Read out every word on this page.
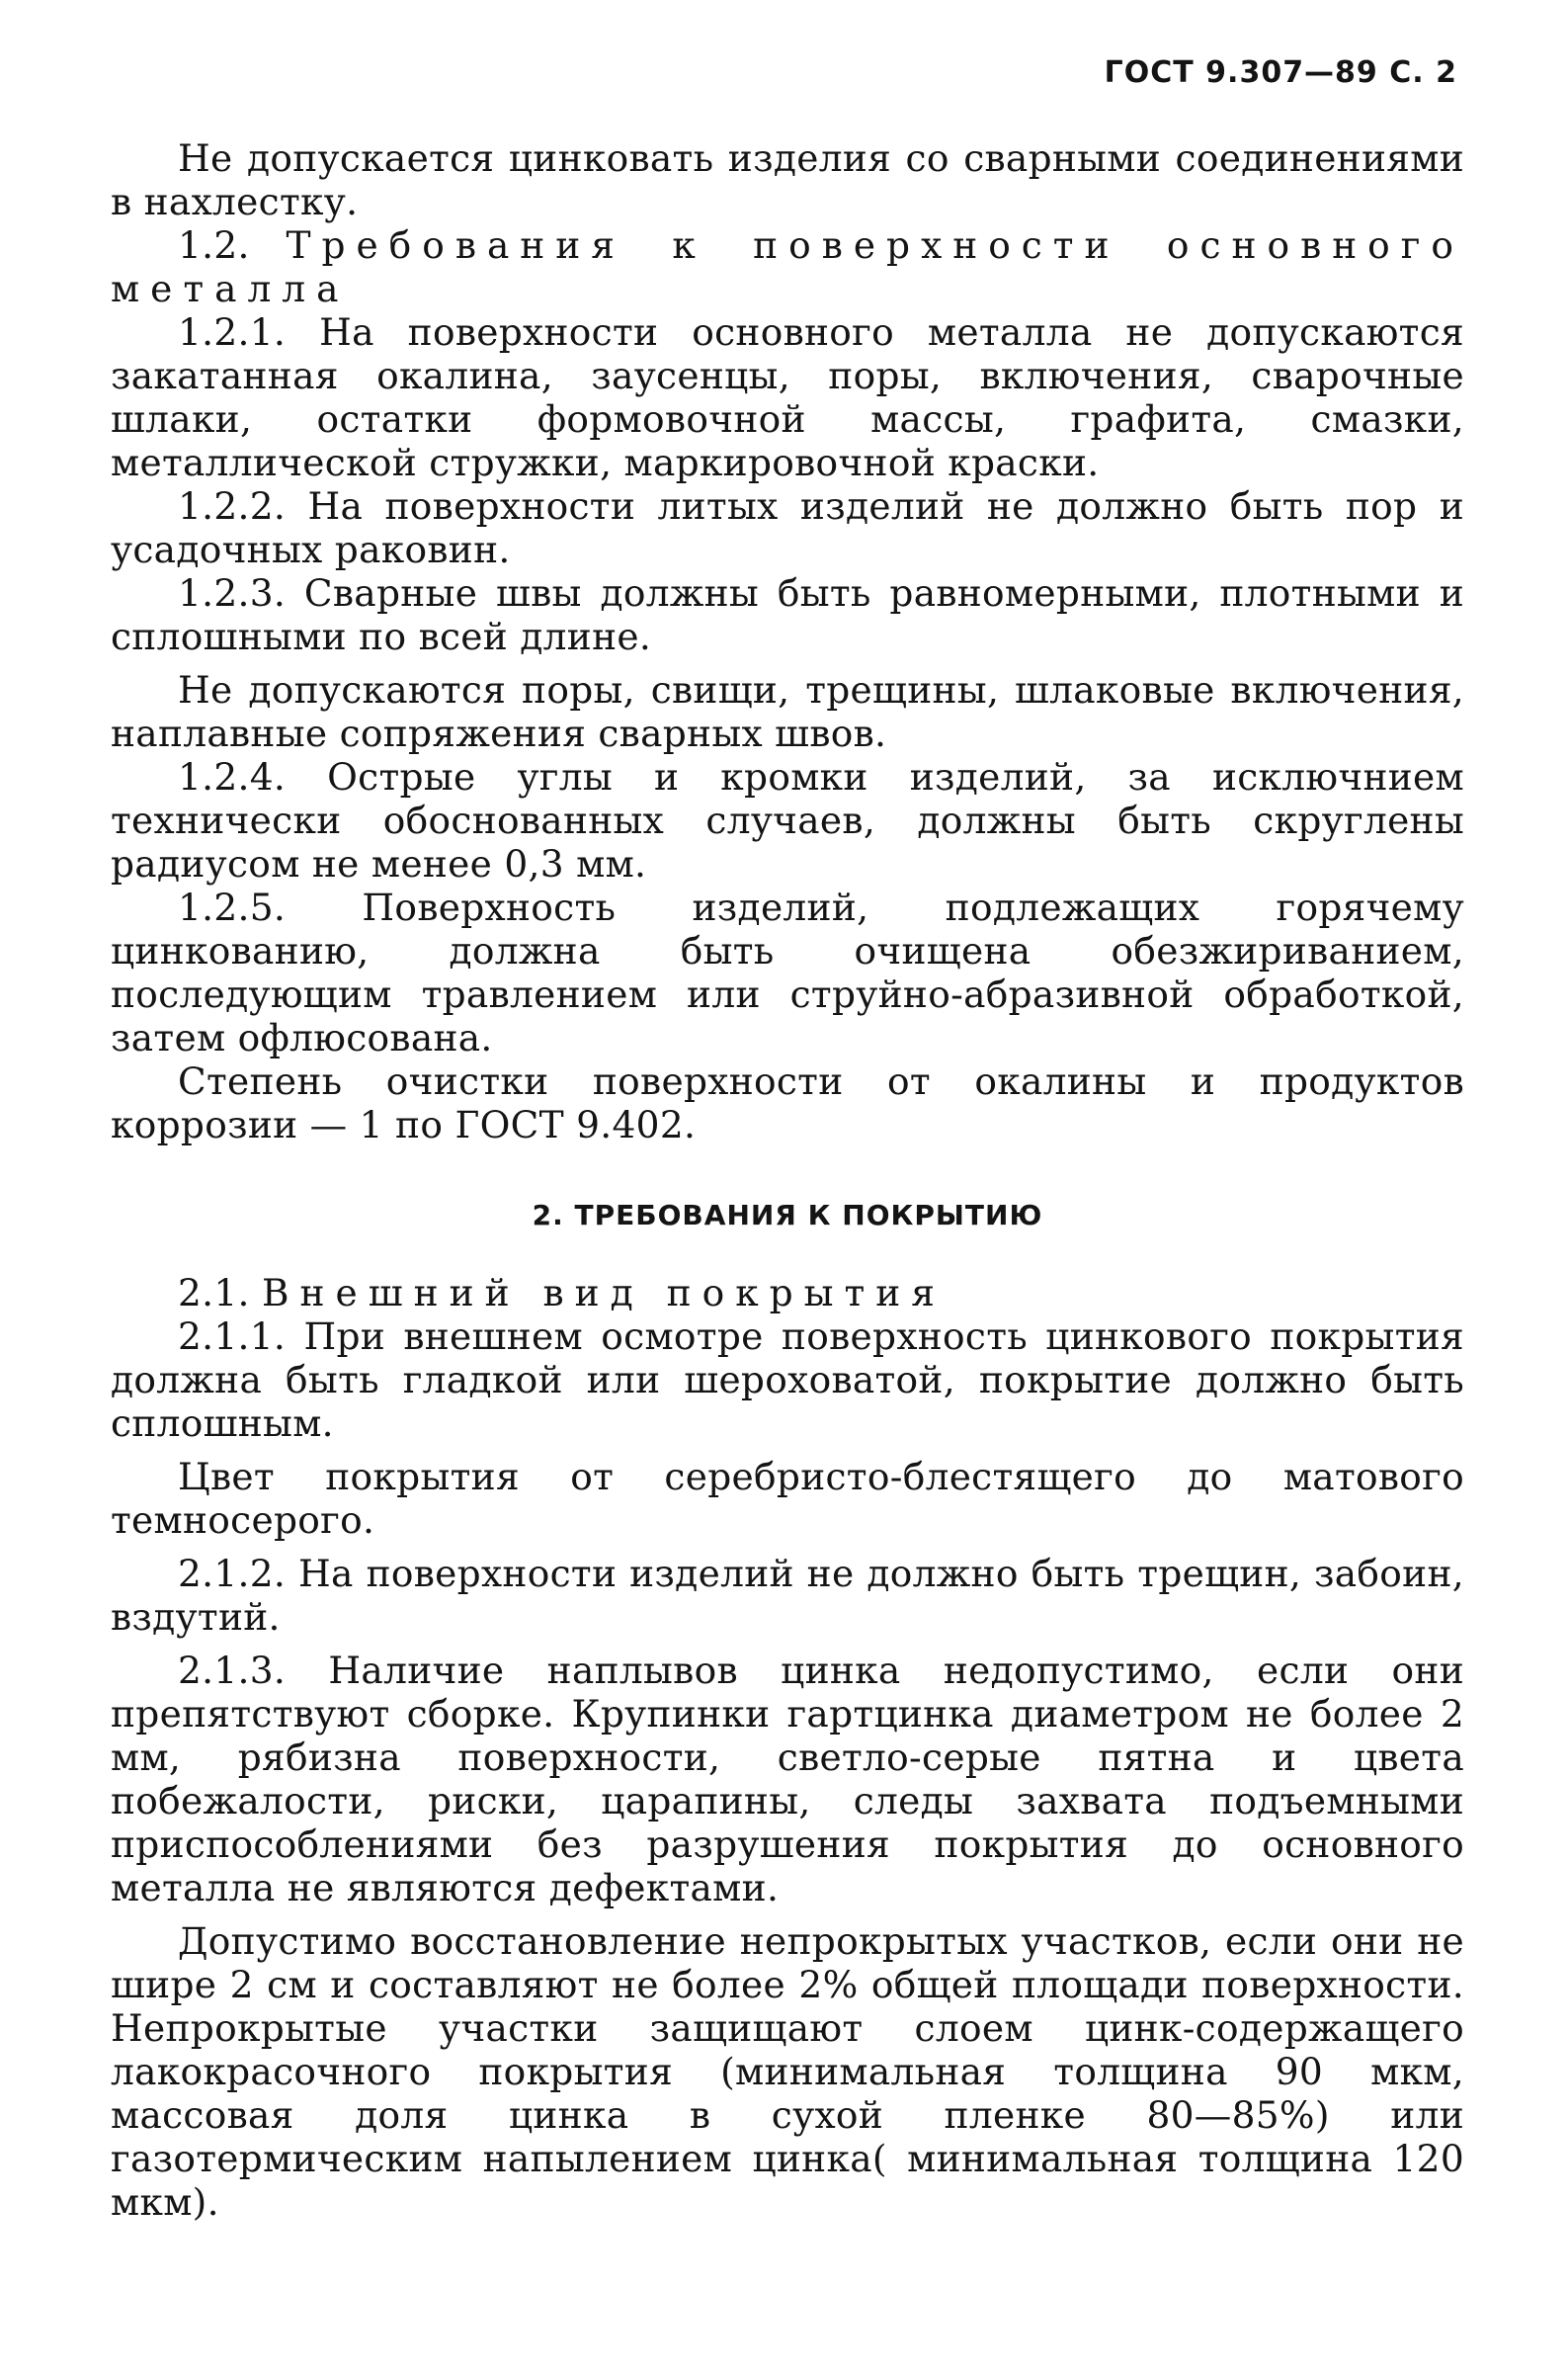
ГОСТ 9.307—89 С. 2

Не допускается цинковать изделия со сварными соединениями в нахлестку.

1.2. Требования к поверхности основного металла

1.2.1. На поверхности основного металла не допускаются закатанная окалина, заусенцы, поры, включения, сварочные шлаки, остатки формовочной массы, графита, смазки, металлической стружки, маркировочной краски.

1.2.2. На поверхности литых изделий не должно быть пор и усадочных раковин.

1.2.3. Сварные швы должны быть равномерными, плотными и сплошными по всей длине.

Не допускаются поры, свищи, трещины, шлаковые включения, наплавные сопряжения сварных швов.

1.2.4. Острые углы и кромки изделий, за исключнием технически обоснованных случаев, должны быть скруглены радиусом не менее 0,3 мм.

1.2.5. Поверхность изделий, подлежащих горячему цинкованию, должна быть очищена обезжириванием, последующим травлением или струйно-абразивной обработкой, затем офлюсована.

Степень очистки поверхности от окалины и продуктов коррозии — 1 по ГОСТ 9.402.

2. ТРЕБОВАНИЯ К ПОКРЫТИЮ

2.1. Внешний вид покрытия

2.1.1. При внешнем осмотре поверхность цинкового покрытия должна быть гладкой или шероховатой, покрытие должно быть сплошным.

Цвет покрытия от серебристо-блестящего до матового темносерого.

2.1.2. На поверхности изделий не должно быть трещин, забоин, вздутий.

2.1.3. Наличие наплывов цинка недопустимо, если они препятствуют сборке. Крупинки гартцинка диаметром не более 2 мм, рябизна поверхности, светло-серые пятна и цвета побежалости, риски, царапины, следы захвата подъемными приспособлениями без разрушения покрытия до основного металла не являются дефектами.

Допустимо восстановление непрокрытых участков, если они не шире 2 см и составляют не более 2% общей площади поверхности. Непрокрытые участки защищают слоем цинк-содержащего лакокрасочного покрытия (минимальная толщина 90 мкм, массовая доля цинка в сухой пленке 80—85%) или газотермическим напылением цинка( минимальная толщина 120 мкм).
